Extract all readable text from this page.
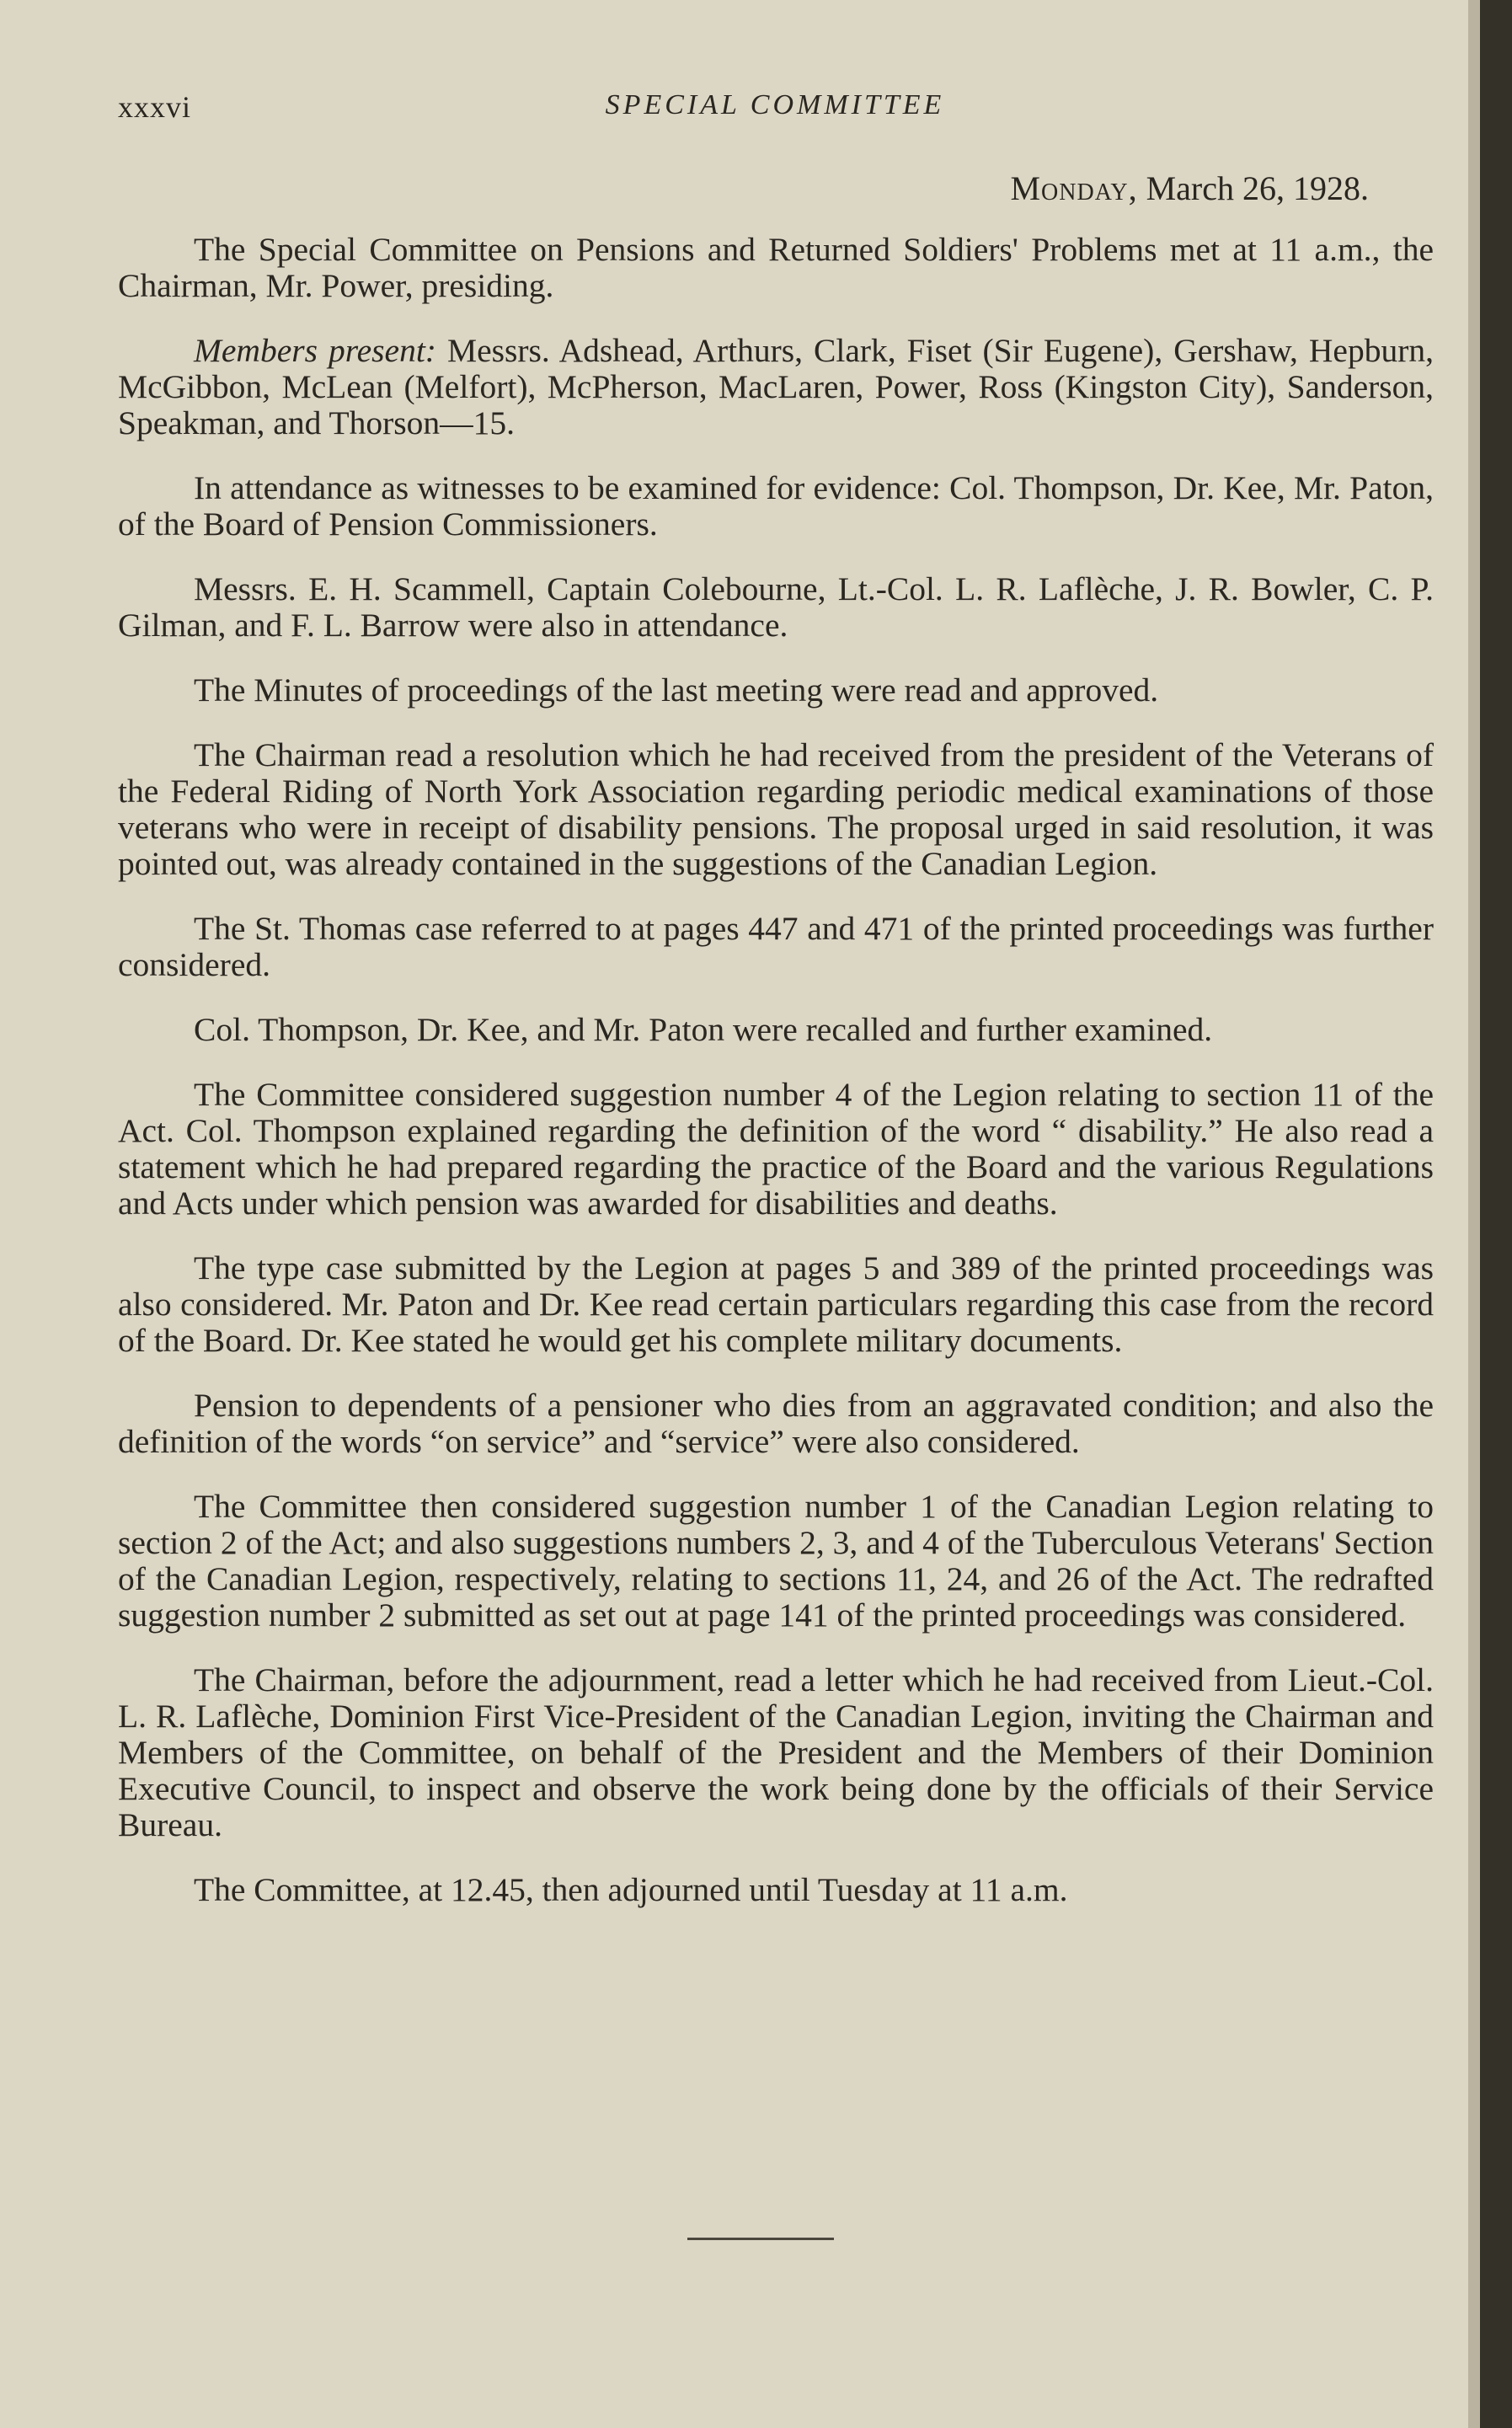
xxxvi	SPECIAL COMMITTEE
Monday, March 26, 1928.

The Special Committee on Pensions and Returned Soldiers' Problems met at 11 a.m., the Chairman, Mr. Power, presiding.

Members present: Messrs. Adshead, Arthurs, Clark, Fiset (Sir Eugene), Gershaw, Hepburn, McGibbon, McLean (Melfort), McPherson, MacLaren, Power, Ross (Kingston City), Sanderson, Speakman, and Thorson—15.

In attendance as witnesses to be examined for evidence: Col. Thompson, Dr. Kee, Mr. Paton, of the Board of Pension Commissioners.

Messrs. E. H. Scammell, Captain Colebourne, Lt.-Col. L. R. Laflèche, J. R. Bowler, C. P. Gilman, and F. L. Barrow were also in attendance.

The Minutes of proceedings of the last meeting were read and approved.

The Chairman read a resolution which he had received from the president of the Veterans of the Federal Riding of North York Association regarding periodic medical examinations of those veterans who were in receipt of disability pensions. The proposal urged in said resolution, it was pointed out, was already contained in the suggestions of the Canadian Legion.

The St. Thomas case referred to at pages 447 and 471 of the printed proceedings was further considered.

Col. Thompson, Dr. Kee, and Mr. Paton were recalled and further examined.

The Committee considered suggestion number 4 of the Legion relating to section 11 of the Act. Col. Thompson explained regarding the definition of the word “ disability.” He also read a statement which he had prepared regarding the practice of the Board and the various Regulations and Acts under which pension was awarded for disabilities and deaths.

The type case submitted by the Legion at pages 5 and 389 of the printed proceedings was also considered. Mr. Paton and Dr. Kee read certain particulars regarding this case from the record of the Board. Dr. Kee stated he would get his complete military documents.

Pension to dependents of a pensioner who dies from an aggravated condition; and also the definition of the words “on service” and “service” were also considered.

The Committee then considered suggestion number 1 of the Canadian Legion relating to section 2 of the Act; and also suggestions numbers 2, 3, and 4 of the Tuberculous Veterans' Section of the Canadian Legion, respectively, relating to sections 11, 24, and 26 of the Act. The redrafted suggestion number 2 submitted as set out at page 141 of the printed proceedings was considered.

The Chairman, before the adjournment, read a letter which he had received from Lieut.-Col. L. R. Laflèche, Dominion First Vice-President of the Canadian Legion, inviting the Chairman and Members of the Committee, on behalf of the President and the Members of their Dominion Executive Council, to inspect and observe the work being done by the officials of their Service Bureau.

The Committee, at 12.45, then adjourned until Tuesday at 11 a.m.
